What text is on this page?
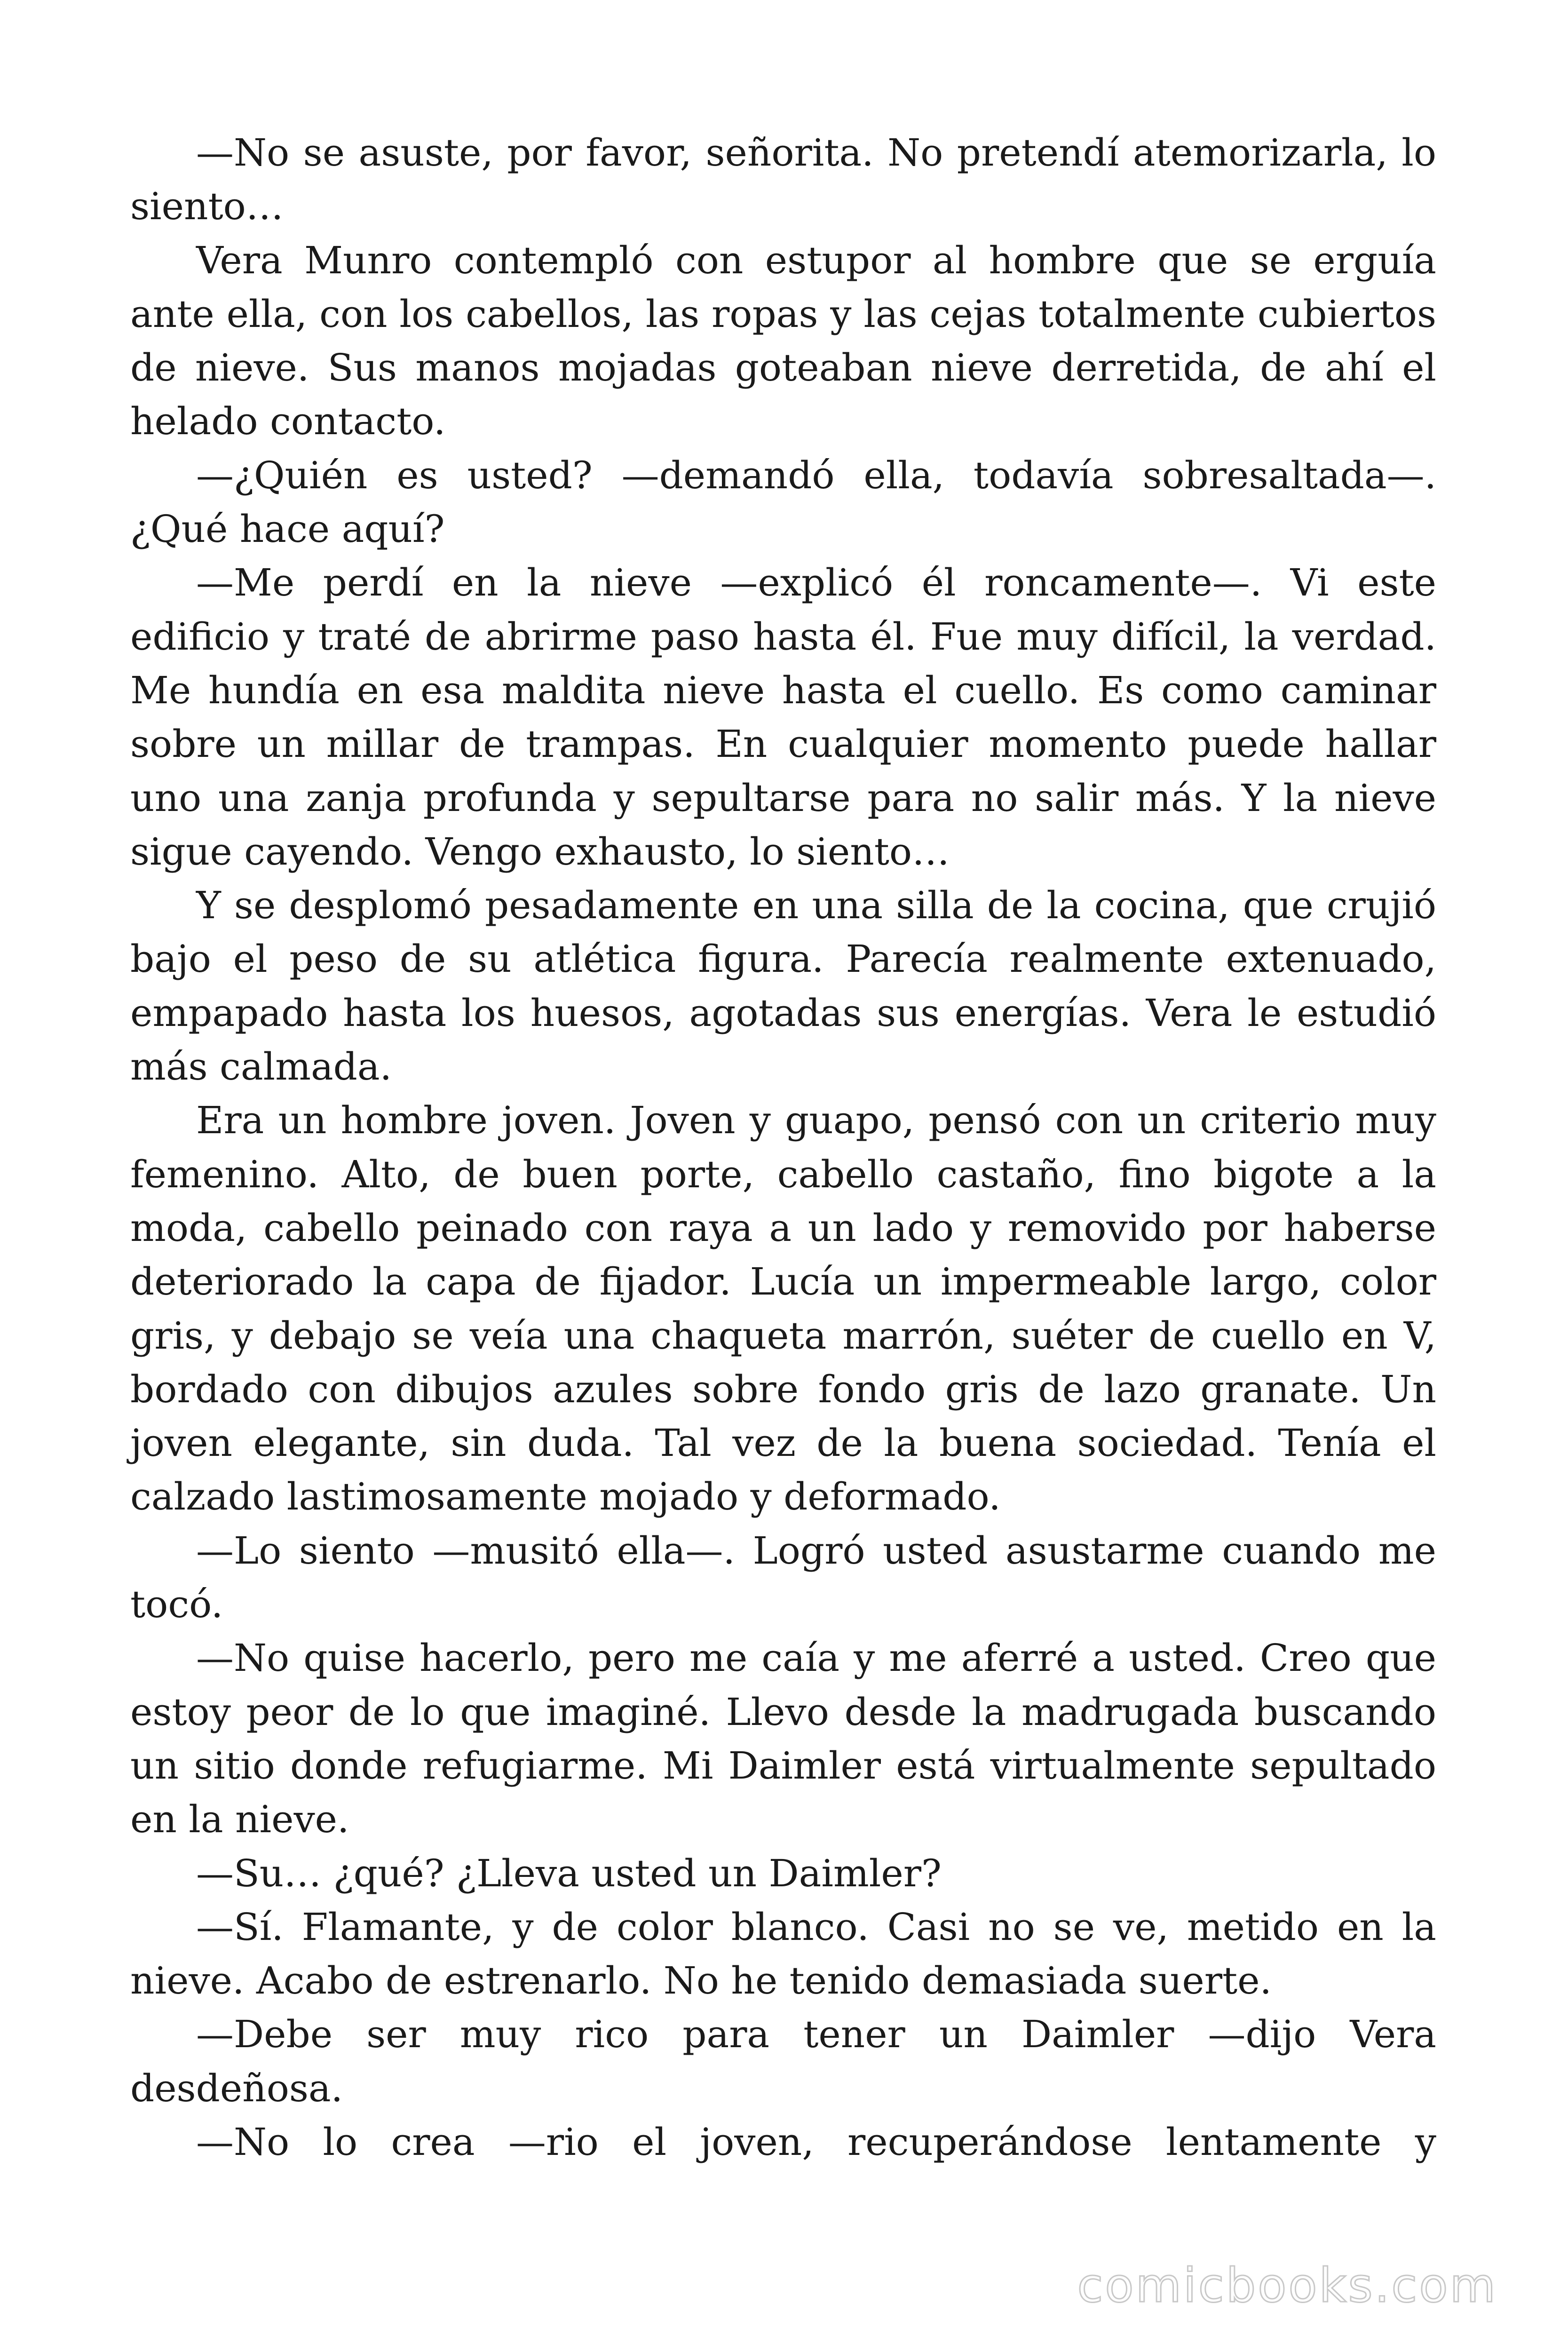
—No se asuste, por favor, señorita. No pretendí atemorizarla, lo siento…

Vera Munro contempló con estupor al hombre que se erguía ante ella, con los cabellos, las ropas y las cejas totalmente cubiertos de nieve. Sus manos mojadas goteaban nieve derretida, de ahí el helado contacto.

—¿Quién es usted? —demandó ella, todavía sobresaltada—. ¿Qué hace aquí?

—Me perdí en la nieve —explicó él roncamente—. Vi este edificio y traté de abrirme paso hasta él. Fue muy difícil, la verdad. Me hundía en esa maldita nieve hasta el cuello. Es como caminar sobre un millar de trampas. En cualquier momento puede hallar uno una zanja profunda y sepultarse para no salir más. Y la nieve sigue cayendo. Vengo exhausto, lo siento…

Y se desplomó pesadamente en una silla de la cocina, que crujió bajo el peso de su atlética figura. Parecía realmente extenuado, empapado hasta los huesos, agotadas sus energías. Vera le estudió más calmada.

Era un hombre joven. Joven y guapo, pensó con un criterio muy femenino. Alto, de buen porte, cabello castaño, fino bigote a la moda, cabello peinado con raya a un lado y removido por haberse deteriorado la capa de fijador. Lucía un impermeable largo, color gris, y debajo se veía una chaqueta marrón, suéter de cuello en V, bordado con dibujos azules sobre fondo gris de lazo granate. Un joven elegante, sin duda. Tal vez de la buena sociedad. Tenía el calzado lastimosamente mojado y deformado.

—Lo siento —musitó ella—. Logró usted asustarme cuando me tocó.

—No quise hacerlo, pero me caía y me aferré a usted. Creo que estoy peor de lo que imaginé. Llevo desde la madrugada buscando un sitio donde refugiarme. Mi Daimler está virtualmente sepultado en la nieve.

—Su… ¿qué? ¿Lleva usted un Daimler?

—Sí. Flamante, y de color blanco. Casi no se ve, metido en la nieve. Acabo de estrenarlo. No he tenido demasiada suerte.

—Debe ser muy rico para tener un Daimler —dijo Vera desdeñosa.

—No lo crea —rio el joven, recuperándose lentamente y

comicbooks.com
